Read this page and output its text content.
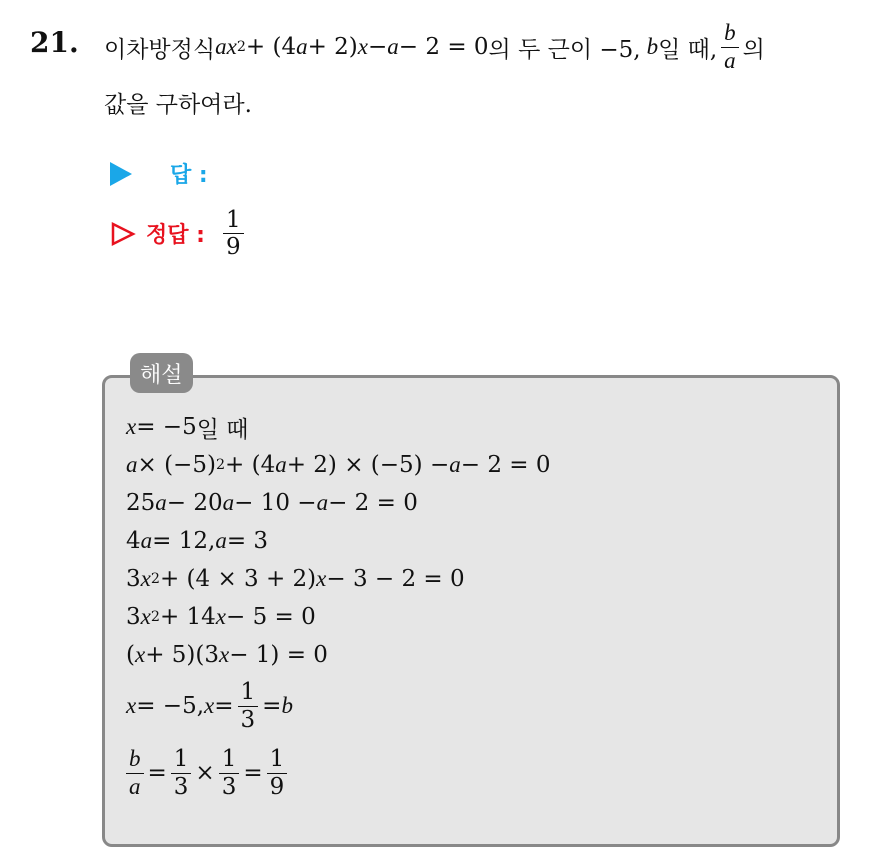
21. 이차방정식 a x 2 + (4 a + 2) x − a − 2 = 0 의 두 근이 −5, b 일 때, $\frac{b}{a}$ 의
값을 구하여라.
답 :
정답 : $\frac{1}{9}$
해설
x = −5 일 때
a × (−5) 2 + (4 a + 2) × (−5) − a − 2 = 0
25 a − 20 a − 10 − a − 2 = 0
4 a = 12, a = 3
3 x 2 + (4 × 3 + 2) x − 3 − 2 = 0
3 x 2 + 14 x − 5 = 0
( x + 5)(3 x − 1) = 0
x = −5, $x = \frac{1}{3} = b$
$\frac{b}{a} = \frac{1}{3} \times \frac{1}{3} = \frac{1}{9}$
